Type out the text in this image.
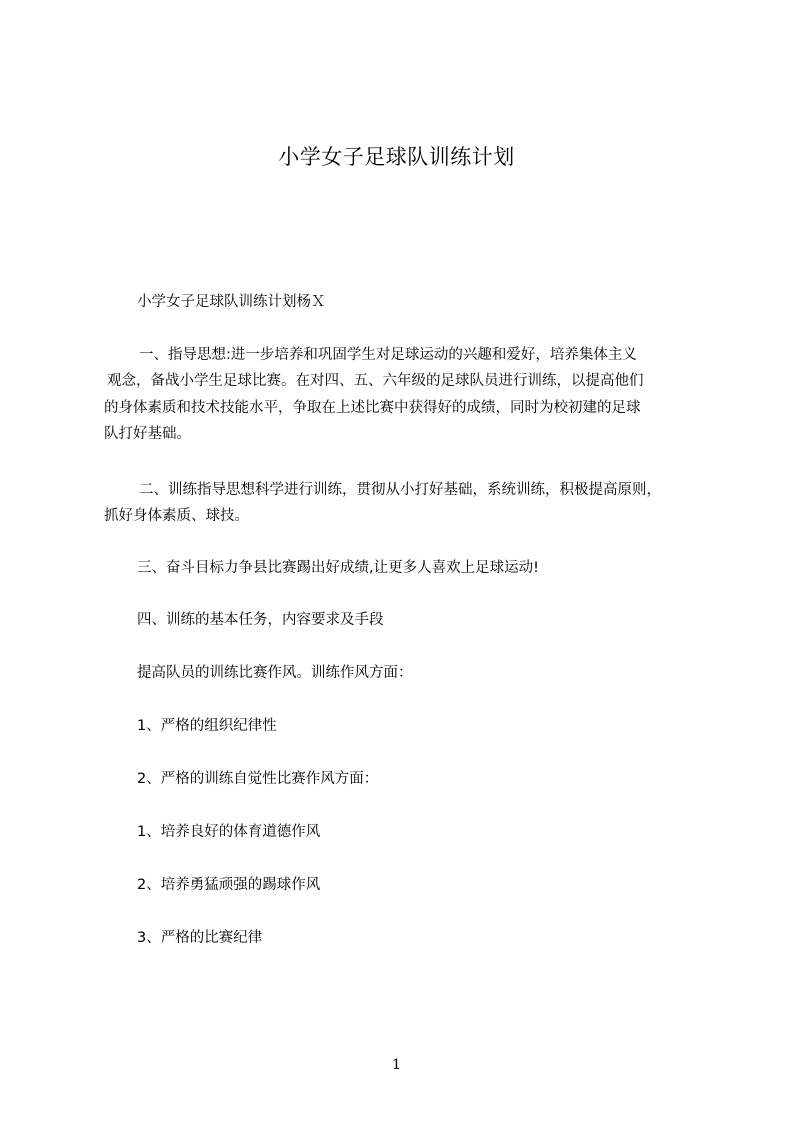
小学女子足球队训练计划
小学女子足球队训练计划杨Ｘ
一、指导思想:进一步培养和巩固学生对足球运动的兴趣和爱好，培养集体主义
观念，备战小学生足球比赛。在对四、五、六年级的足球队员进行训练，以提高他们
的身体素质和技术技能水平，争取在上述比赛中获得好的成绩，同时为校初建的足球
队打好基础。
二、训练指导思想科学进行训练，贯彻从小打好基础，系统训练，积极提高原则，
抓好身体素质、球技。
三、奋斗目标力争县比赛踢出好成绩,让更多人喜欢上足球运动!
四、训练的基本任务，内容要求及手段
提高队员的训练比赛作风。训练作风方面：
1、严格的组织纪律性
2、严格的训练自觉性比赛作风方面：
1、培养良好的体育道德作风
2、培养勇猛顽强的踢球作风
3、严格的比赛纪律
1
